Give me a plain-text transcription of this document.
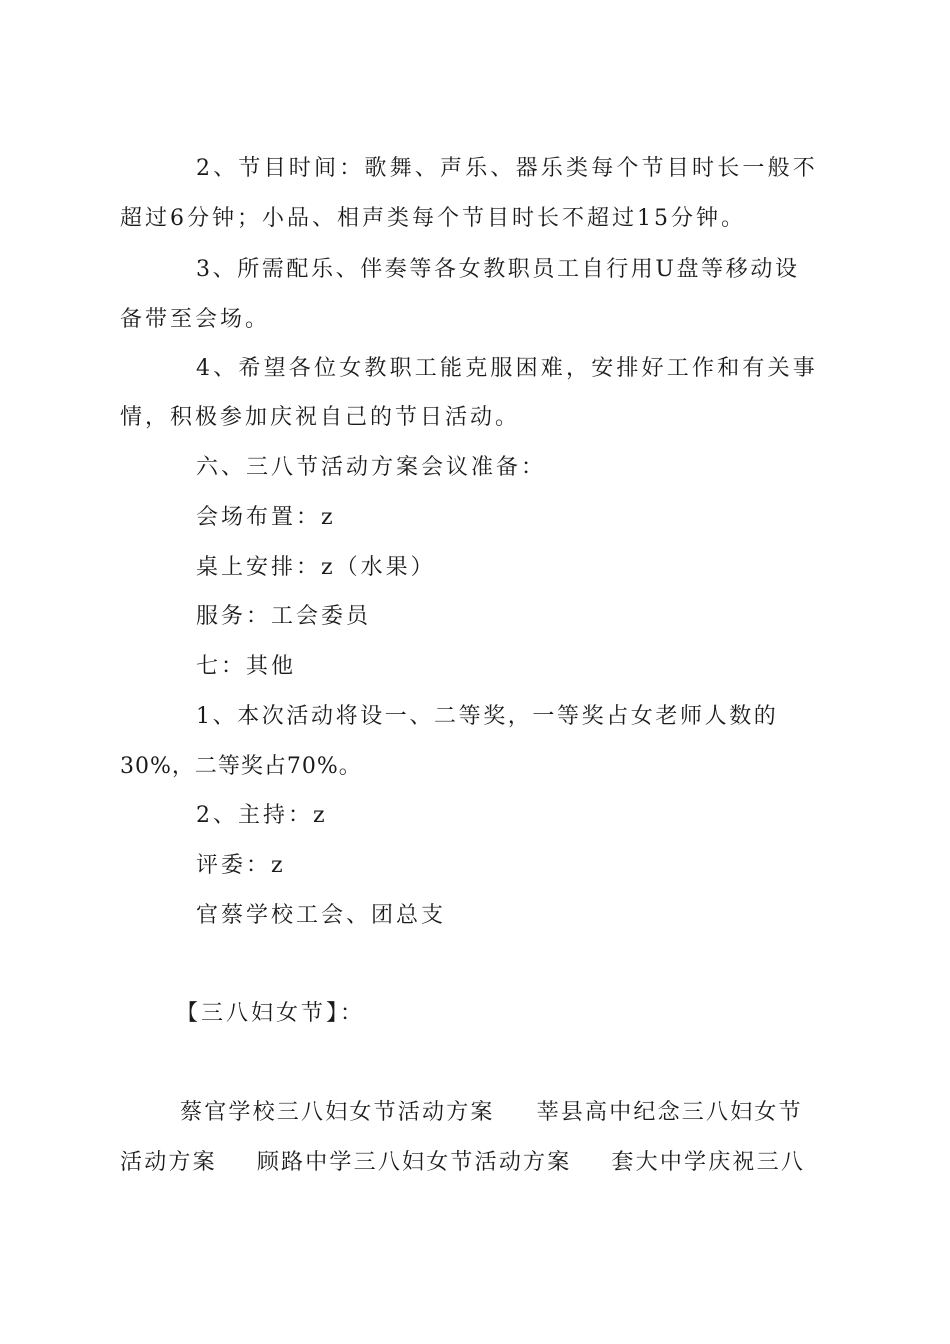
2、节目时间：歌舞、声乐、器乐类每个节目时长一般不
超过6分钟；小品、相声类每个节目时长不超过15分钟。
3、所需配乐、伴奏等各女教职员工自行用U盘等移动设
备带至会场。
4、希望各位女教职工能克服困难，安排好工作和有关事
情，积极参加庆祝自己的节日活动。
六、三八节活动方案会议准备：
会场布置：z
桌上安排：z（水果）
服务：工会委员
七：其他
1、本次活动将设一、二等奖，一等奖占女老师人数的
30%，二等奖占70%。
2、主持：z
评委：z
官蔡学校工会、团总支
【三八妇女节】：
蔡官学校三八妇女节活动方案 莘县高中纪念三八妇女节
活动方案 顾路中学三八妇女节活动方案 套大中学庆祝三八
